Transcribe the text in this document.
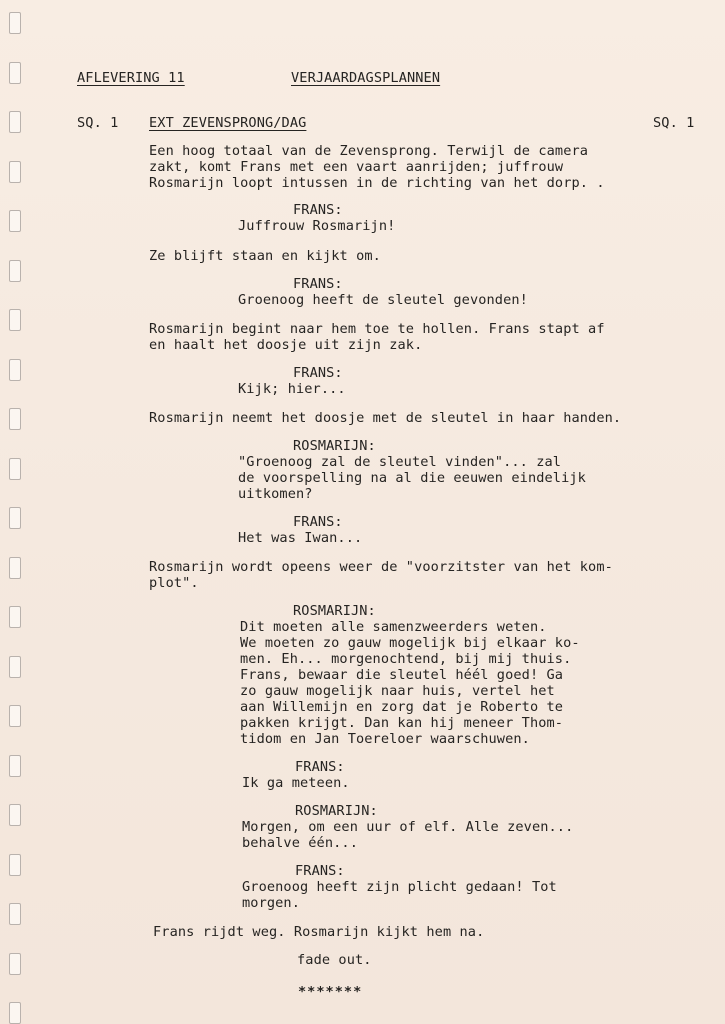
AFLEVERING 11	VERJAARDAGSPLANNEN
SQ. 1 EXT ZEVENSPRONG/DAG	SQ. 1
Een hoog totaal van de Zevensprong. Terwijl de camera
zakt, komt Frans met een vaart aanrijden; juffrouw
Rosmarijn loopt intussen in de richting van het dorp. .
FRANS:
Juffrouw Rosmarijn!
Ze blijft staan en kijkt om.
FRANS:
Groenoog heeft de sleutel gevonden!
Rosmarijn begint naar hem toe te hollen. Frans stapt af
en haalt het doosje uit zijn zak.
FRANS:
Kijk; hier...
Rosmarijn neemt het doosje met de sleutel in haar handen.
ROSMARIJN:
"Groenoog zal de sleutel vinden"... zal
de voorspelling na al die eeuwen eindelijk
uitkomen?
FRANS:
Het was Iwan...
Rosmarijn wordt opeens weer de "voorzitster van het kom-
plot".
ROSMARIJN:
Dit moeten alle samenzweerders weten.
We moeten zo gauw mogelijk bij elkaar ko-
men. Eh... morgenochtend, bij mij thuis.
Frans, bewaar die sleutel héél goed! Ga
zo gauw mogelijk naar huis, vertel het
aan Willemijn en zorg dat je Roberto te
pakken krijgt. Dan kan hij meneer Thom-
tidom en Jan Toereloer waarschuwen.
FRANS:
Ik ga meteen.
ROSMARIJN:
Morgen, om een uur of elf. Alle zeven...
behalve één...
FRANS:
Groenoog heeft zijn plicht gedaan! Tot
morgen.
Frans rijdt weg. Rosmarijn kijkt hem na.
fade out.
*******
